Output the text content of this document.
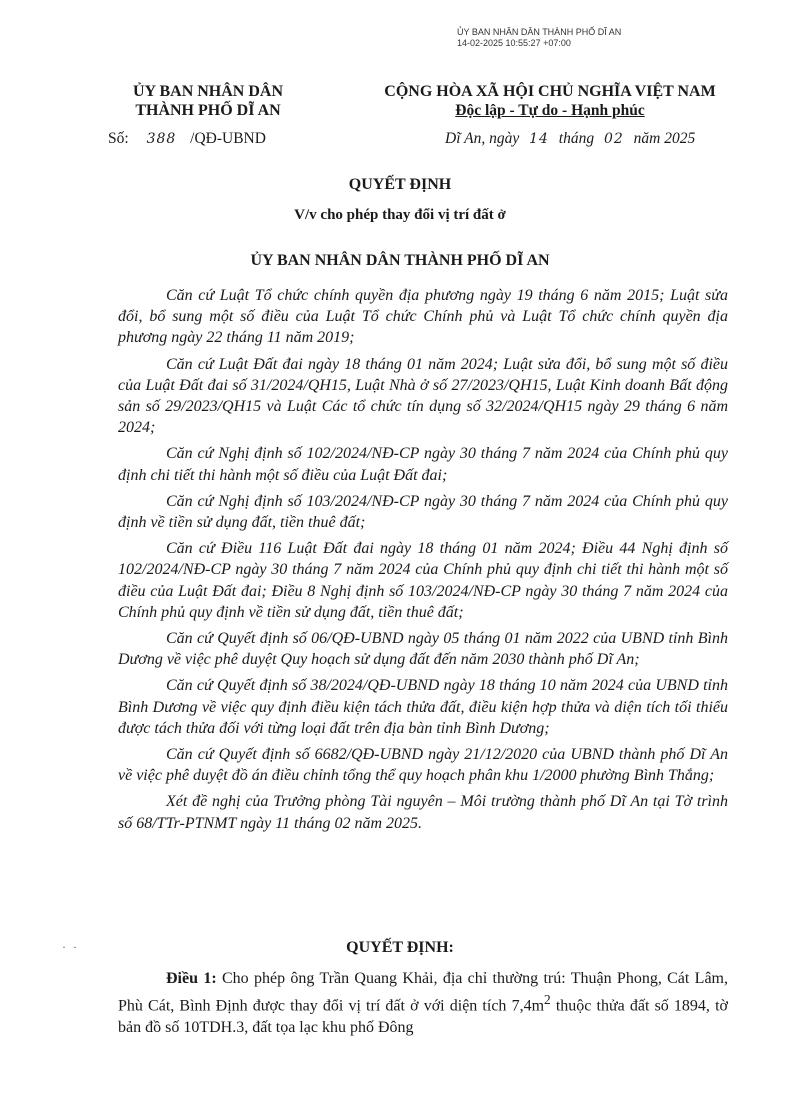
ỦY BAN NHÂN DÂN THÀNH PHỐ DĨ AN
14-02-2025 10:55:27 +07:00
ỦY BAN NHÂN DÂN
THÀNH PHỐ DĨ AN
CỘNG HÒA XÃ HỘI CHỦ NGHĨA VIỆT NAM
Độc lập - Tự do - Hạnh phúc
Số: 388 /QĐ-UBND	Dĩ An, ngày 14 tháng 02 năm 2025
QUYẾT ĐỊNH
V/v cho phép thay đổi vị trí đất ở
ỦY BAN NHÂN DÂN THÀNH PHỐ DĨ AN

Căn cứ Luật Tổ chức chính quyền địa phương ngày 19 tháng 6 năm 2015; Luật sửa đổi, bổ sung một số điều của Luật Tổ chức Chính phủ và Luật Tổ chức chính quyền địa phương ngày 22 tháng 11 năm 2019;

Căn cứ Luật Đất đai ngày 18 tháng 01 năm 2024; Luật sửa đổi, bổ sung một số điều của Luật Đất đai số 31/2024/QH15, Luật Nhà ở số 27/2023/QH15, Luật Kinh doanh Bất động sản số 29/2023/QH15 và Luật Các tổ chức tín dụng số 32/2024/QH15 ngày 29 tháng 6 năm 2024;

Căn cứ Nghị định số 102/2024/NĐ-CP ngày 30 tháng 7 năm 2024 của Chính phủ quy định chi tiết thi hành một số điều của Luật Đất đai;

Căn cứ Nghị định số 103/2024/NĐ-CP ngày 30 tháng 7 năm 2024 của Chính phủ quy định về tiền sử dụng đất, tiền thuê đất;

Căn cứ Điều 116 Luật Đất đai ngày 18 tháng 01 năm 2024; Điều 44 Nghị định số 102/2024/NĐ-CP ngày 30 tháng 7 năm 2024 của Chính phủ quy định chi tiết thi hành một số điều của Luật Đất đai; Điều 8 Nghị định số 103/2024/NĐ-CP ngày 30 tháng 7 năm 2024 của Chính phủ quy định về tiền sử dụng đất, tiền thuê đất;

Căn cứ Quyết định số 06/QĐ-UBND ngày 05 tháng 01 năm 2022 của UBND tỉnh Bình Dương về việc phê duyệt Quy hoạch sử dụng đất đến năm 2030 thành phố Dĩ An;

Căn cứ Quyết định số 38/2024/QĐ-UBND ngày 18 tháng 10 năm 2024 của UBND tỉnh Bình Dương về việc quy định điều kiện tách thửa đất, điều kiện hợp thửa và diện tích tối thiểu được tách thửa đối với từng loại đất trên địa bàn tỉnh Bình Dương;

Căn cứ Quyết định số 6682/QĐ-UBND ngày 21/12/2020 của UBND thành phố Dĩ An về việc phê duyệt đồ án điều chỉnh tổng thể quy hoạch phân khu 1/2000 phường Bình Thắng;

Xét đề nghị của Trưởng phòng Tài nguyên – Môi trường thành phố Dĩ An tại Tờ trình số 68/TTr-PTNMT ngày 11 tháng 02 năm 2025.

· ·	QUYẾT ĐỊNH:

Điều 1: Cho phép ông Trần Quang Khải, địa chỉ thường trú: Thuận Phong, Cát Lâm, Phù Cát, Bình Định được thay đổi vị trí đất ở với diện tích $7,4m^2$ thuộc thửa đất số 1894, tờ bản đồ số 10TDH.3, đất tọa lạc khu phố Đông
